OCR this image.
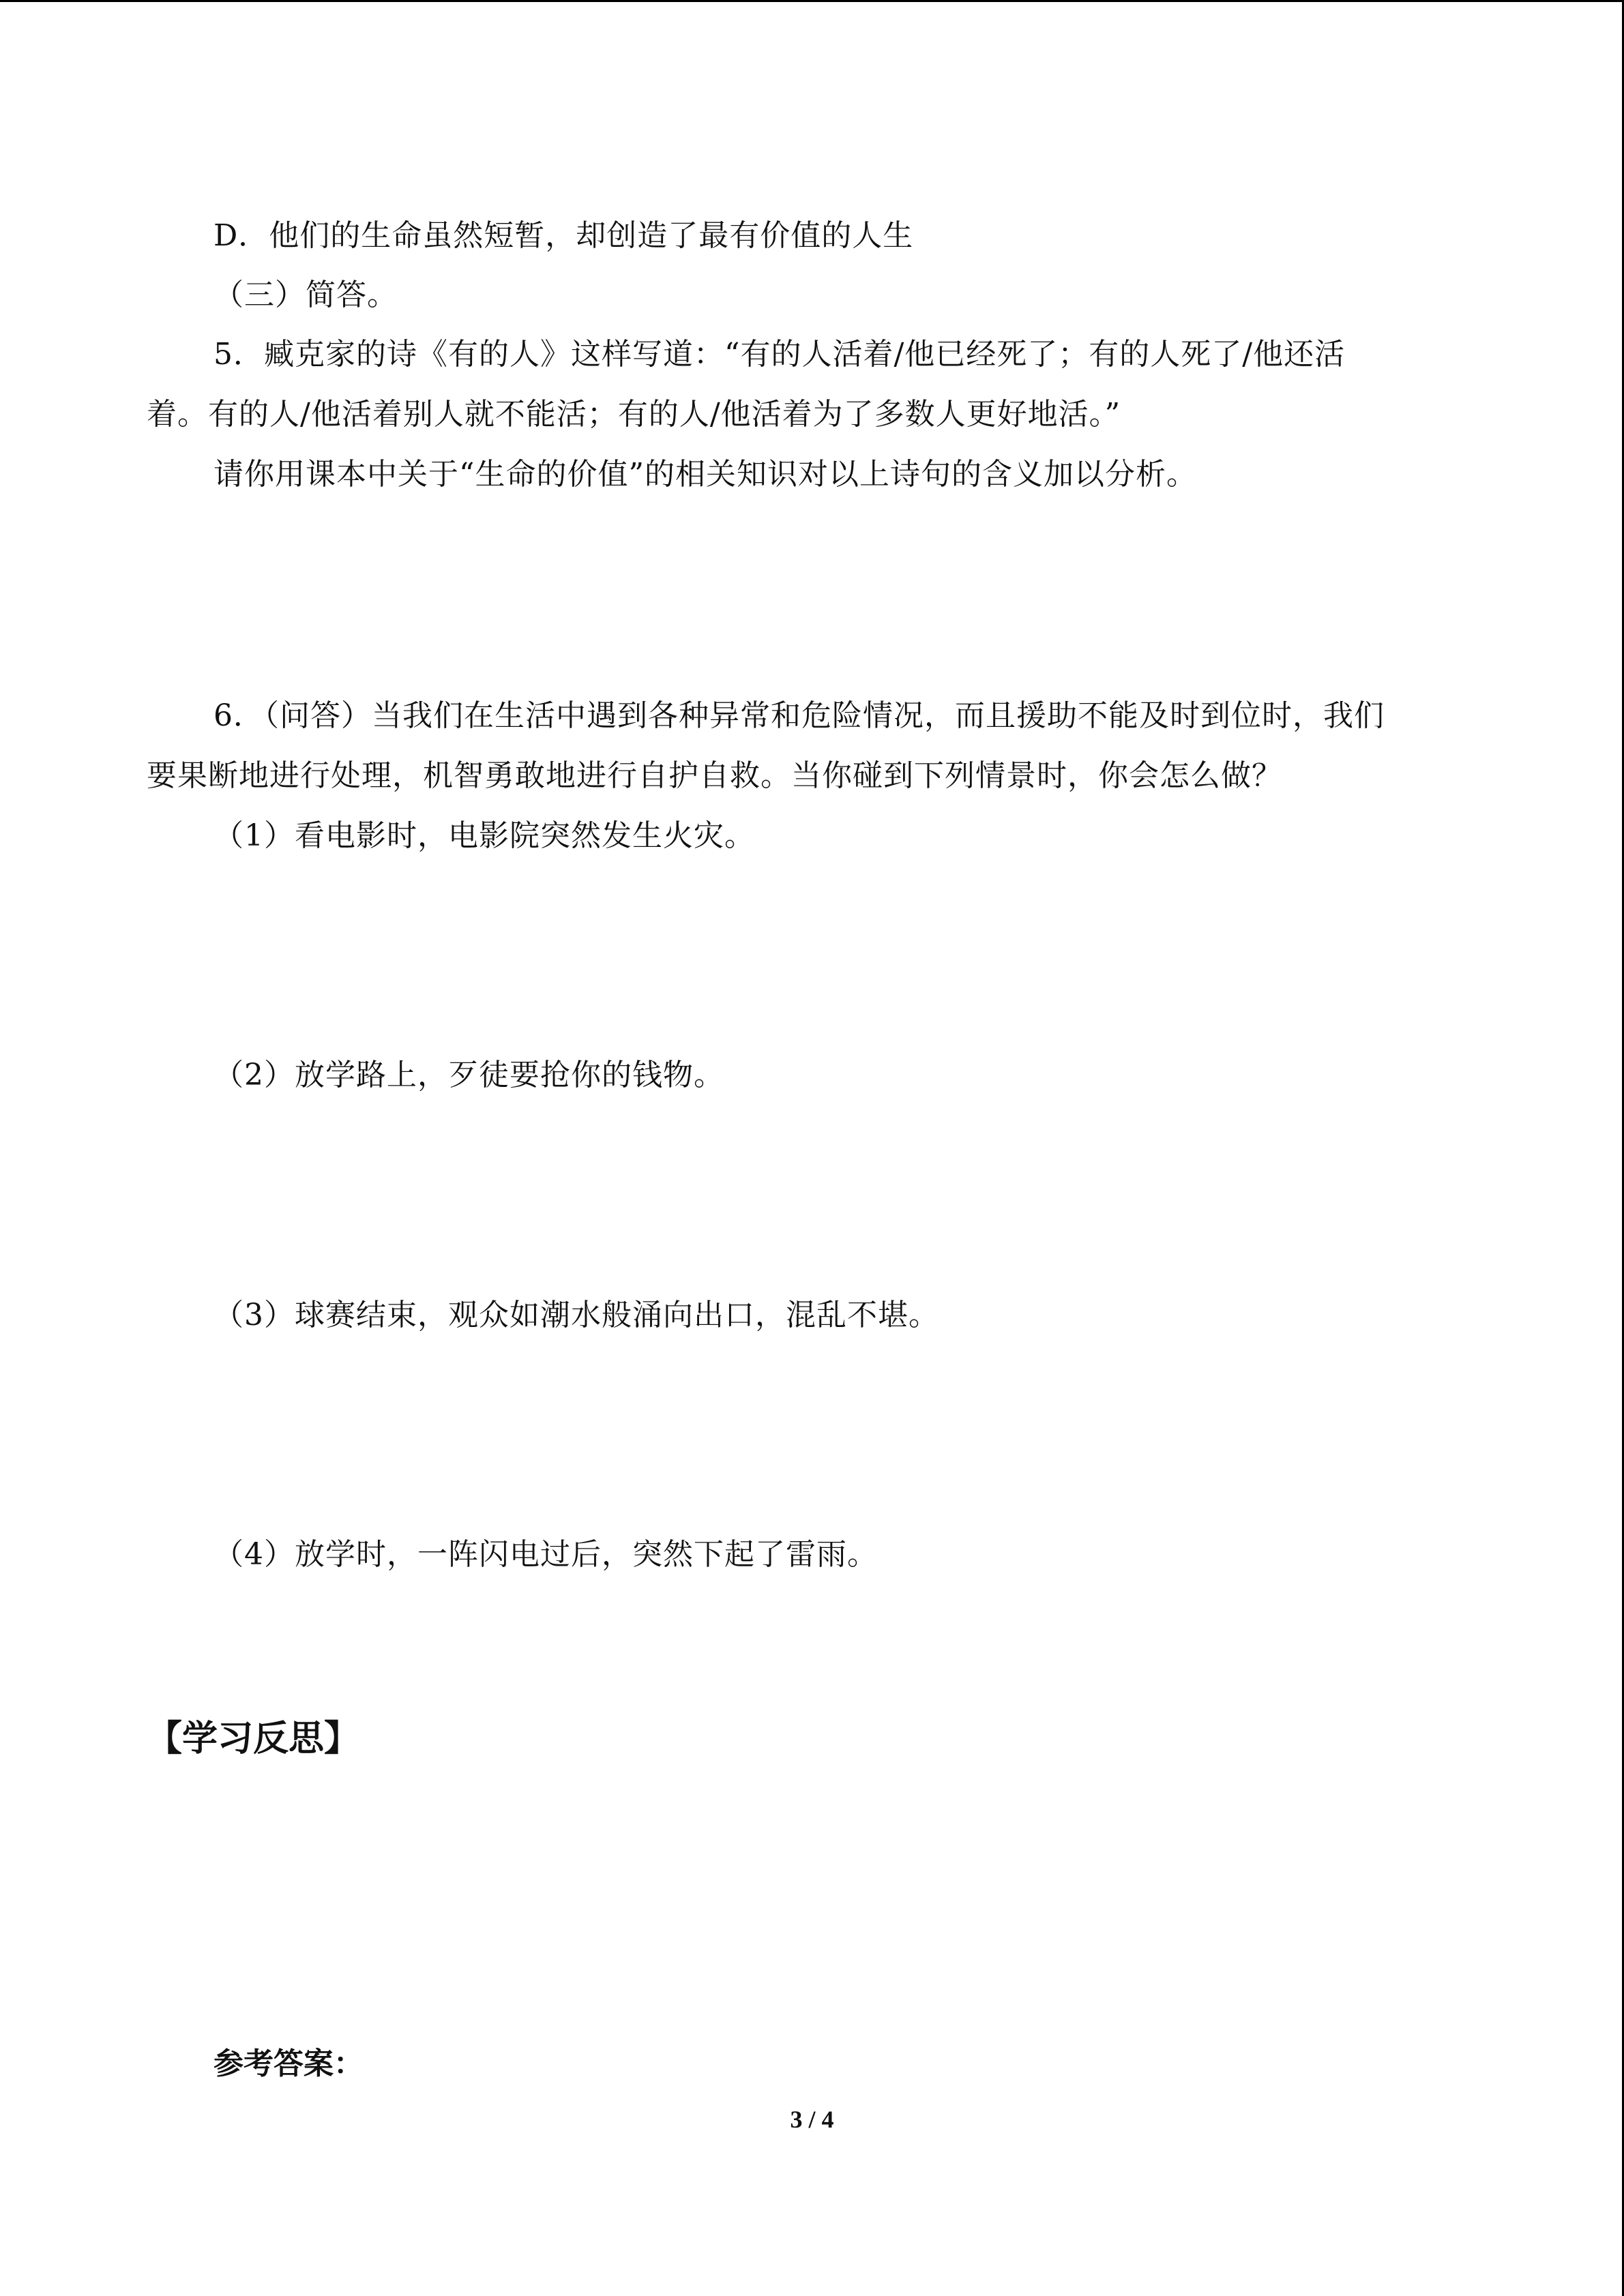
D．他们的生命虽然短暂，却创造了最有价值的人生
（三）简答。
5．臧克家的诗《有的人》这样写道：“有的人活着/他已经死了；有的人死了/他还活
着。有的人/他活着别人就不能活；有的人/他活着为了多数人更好地活。”
请你用课本中关于“生命的价值”的相关知识对以上诗句的含义加以分析。
6．（问答）当我们在生活中遇到各种异常和危险情况，而且援助不能及时到位时，我们
要果断地进行处理，机智勇敢地进行自护自救。当你碰到下列情景时，你会怎么做？
（1）看电影时，电影院突然发生火灾。
（2）放学路上，歹徒要抢你的钱物。
（3）球赛结束，观众如潮水般涌向出口，混乱不堪。
（4）放学时，一阵闪电过后，突然下起了雷雨。
【学习反思】
参考答案：
3 / 4
